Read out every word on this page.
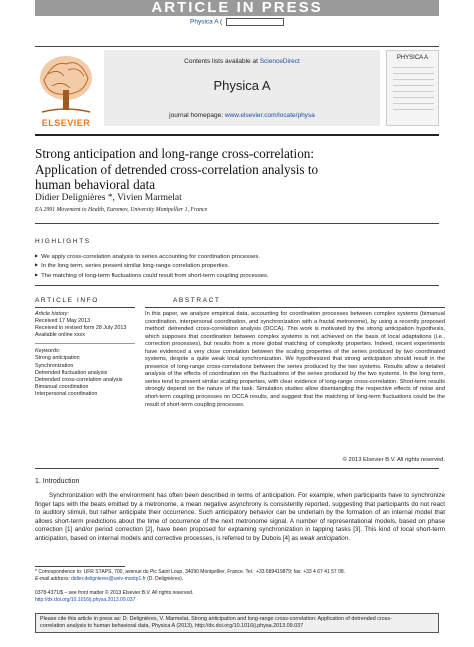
ARTICLE IN PRESS
Physica A (
ELSEVIER
Contents lists available at ScienceDirect
Physica A
journal homepage: www.elsevier.com/locate/physa
PHYSICA A
Strong anticipation and long-range cross-correlation:
Application of detrended cross-correlation analysis to
human behavioral data
Didier Delignières *, Vivien Marmelat
EA 2991 Movement to Health, Euromov, University Montpellier 1, France
HIGHLIGHTS
▶ We apply cross-correlation analysis to series accounting for coordination processes.
▶ In the long term, series present similar long-range correlation properties.
▶ The matching of long-term fluctuations could result from short-term coupling processes.
ARTICLE INFO	ABSTRACT
Article history:
Received 17 May 2013
Received in revised form 28 July 2013
Available online xxxx
Keywords:
Strong anticipation
Synchronization
Detrended fluctuation analysis
Detrended cross-correlation analysis
Bimanual coordination
Interpersonal coordination
In this paper, we analyze empirical data, accounting for coordination processes between complex systems (bimanual coordination, interpersonal coordination, and synchronization with a fractal metronome), by using a recently proposed method: detrended cross-correlation analysis (DCCA). This work is motivated by the strong anticipation hypothesis, which supposes that coordination between complex systems is not achieved on the basis of local adaptations (i.e., correction processes), but results from a more global matching of complexity properties. Indeed, recent experiments have evidenced a very close correlation between the scaling properties of the series produced by two coordinated systems, despite a quite weak local synchronization. We hypothesized that strong anticipation should result in the presence of long-range cross-correlations between the series produced by the two systems. Results allow a detailed analysis of the effects of coordination on the fluctuations of the series produced by the two systems. In the long term, series tend to present similar scaling properties, with clear evidence of long-range cross-correlation. Short-term results strongly depend on the nature of the task. Simulation studies allow disentangling the respective effects of noise and short-term coupling processes on DCCA results, and suggest that the matching of long-term fluctuations could be the result of short-term coupling processes.
© 2013 Elsevier B.V. All rights reserved.
1. Introduction

Synchronization with the environment has often been described in terms of anticipation. For example, when participants have to synchronize finger taps with the beats emitted by a metronome, a mean negative asynchrony is consistently reported, suggesting that participants do not react to auditory stimuli, but rather anticipate their occurrence. Such anticipatory behavior can be underlain by the formation of an internal model that allows short-term predictions about the time of occurrence of the next metronome signal. A number of representational models, based on phase correction [1] and/or period correction [2], have been proposed for explaining synchronization in tapping tasks [3]. This kind of local short-term anticipation, based on internal models and corrective processes, is referred to by Dubois [4] as weak anticipation.

* Correspondence to: UFR STAPS, 700, avenue du Pic Saint Loup, 34090 Montpellier, France. Tel.: +33 689419879; fax: +33 4 67 41 57 08.
E-mail address: didier.delignieres@univ-montp1.fr (D. Delignières).
0378-4371/$ – see front matter © 2013 Elsevier B.V. All rights reserved.
http://dx.doi.org/10.1016/j.physa.2013.09.037
Please cite this article in press as: D. Delignières, V. Marmelat, Strong anticipation and long-range cross-correlation: Application of detrended cross-
correlation analysis to human behavioral data, Physica A (2013), http://dx.doi.org/10.1016/j.physa.2013.09.037
